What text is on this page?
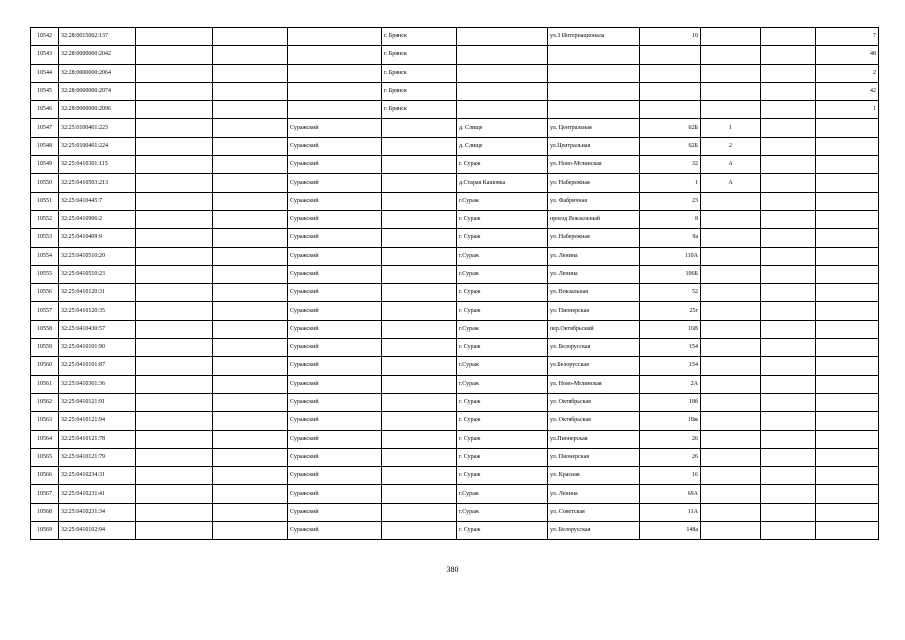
10542	32:28:0015002:137				г. Брянск		ул.3 Интернационала	10			7
10543	32:28:0000000:2042				г. Брянск						48
10544	32:28:0000000:2064				г. Брянск						2
10545	32:28:0000000:2074				г. Брянск						42
10546	32:28:0000000:2096				г. Брянск						1
10547	32:25:0100401:223			Суражский		д. Слище	ул. Центральная	62Б	1		
10548	32:25:0100401:224			Суражский		д. Слище	ул.Центральная	62Б	2		
10549	32:25:0410301:115			Суражский		г. Сураж	ул. Ново-Мглинская	32	А		
10550	32:25:0410503:213			Суражский		д.Старая Кашовка	ул. Набережная	1	А		
10551	32:25:0410445:7			Суражский		г.Сураж	ул. Фабричная	23			
10552	32:25:0410906:2			Суражский		г. Сураж	проезд Вокзальный	8			
10553	32:25:0410409:9			Суражский		г. Сураж	ул. Набережная	9а			
10554	32:25:0410510:20			Суражский		г.Сураж	ул. Ленина	110А			
10555	32:25:0410510:23			Суражский		г.Сураж	ул. Ленина	106Б			
10556	32:25:0410120:31			Суражский		г. Сураж	ул. Вокзальная	52			
10557	32:25:0410120:35			Суражский		г. Сураж	ул. Пионерская	25г			
10558	32:25:0410430:57			Суражский		г.Сураж	пер.Октябрьский	16В			
10559	32:25:0410101:90			Суражский		г. Сураж	ул. Белорусская	154			
10560	32:25:0410101:87			Суражский		г.Сураж	ул.Белорусская	154			
10561	32:25:0410301:36			Суражский		г.Сураж	ул. Ново-Мглинская	2А			
10562	32:25:0410121:91			Суражский		г. Сураж	ул. Октябрьская	18б			
10563	32:25:0410121:94			Суражский		г. Сураж	ул. Октябрьская	18ж			
10564	32:25:0410121:78			Суражский		г. Сураж	ул.Пионерская	26			
10565	32:25:0410121:79			Суражский		г. Сураж	ул. Пионерская	26			
10566	32:25:0410234:31			Суражский		г. Сураж	ул. Красная	16			
10567	32:25:0410231:41			Суражский		г.Сураж	ул. Ленина	69А			
10568	32:25:0410231:34			Суражский		г.Сураж	ул. Советская	11А			
10569	32:25:0410102:94			Суражский		г. Сураж	ул. Белорусская	148а			
380
